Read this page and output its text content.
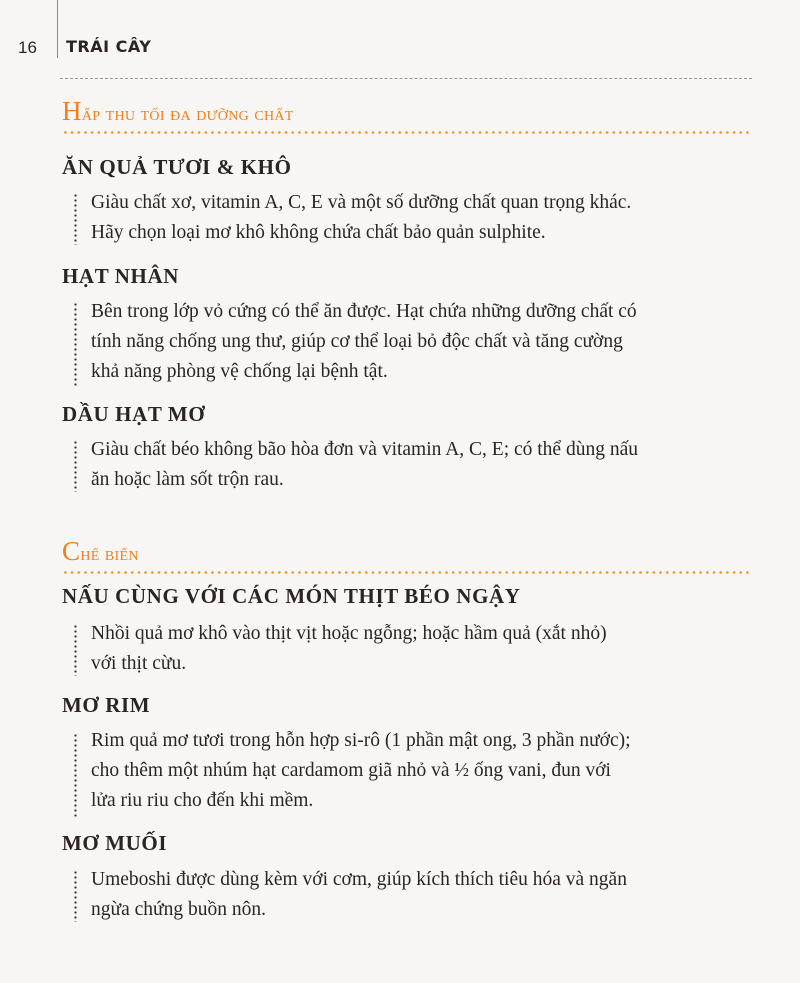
16 TRÁI CÂY
Hấp thu tối đa dưỡng chất
ĂN QUẢ TƯƠI & KHÔ
Giàu chất xơ, vitamin A, C, E và một số dưỡng chất quan trọng khác.
Hãy chọn loại mơ khô không chứa chất bảo quản sulphite.
HẠT NHÂN
Bên trong lớp vỏ cứng có thể ăn được. Hạt chứa những dưỡng chất có
tính năng chống ung thư, giúp cơ thể loại bỏ độc chất và tăng cường
khả năng phòng vệ chống lại bệnh tật.
DẦU HẠT MƠ
Giàu chất béo không bão hòa đơn và vitamin A, C, E; có thể dùng nấu
ăn hoặc làm sốt trộn rau.
Chế biến
NẤU CÙNG VỚI CÁC MÓN THỊT BÉO NGẬY
Nhồi quả mơ khô vào thịt vịt hoặc ngỗng; hoặc hầm quả (xắt nhỏ)
với thịt cừu.
MƠ RIM
Rim quả mơ tươi trong hỗn hợp si-rô (1 phần mật ong, 3 phần nước);
cho thêm một nhúm hạt cardamom giã nhỏ và ½ ống vani, đun với
lửa riu riu cho đến khi mềm.
MƠ MUỐI
Umeboshi được dùng kèm với cơm, giúp kích thích tiêu hóa và ngăn
ngừa chứng buồn nôn.
